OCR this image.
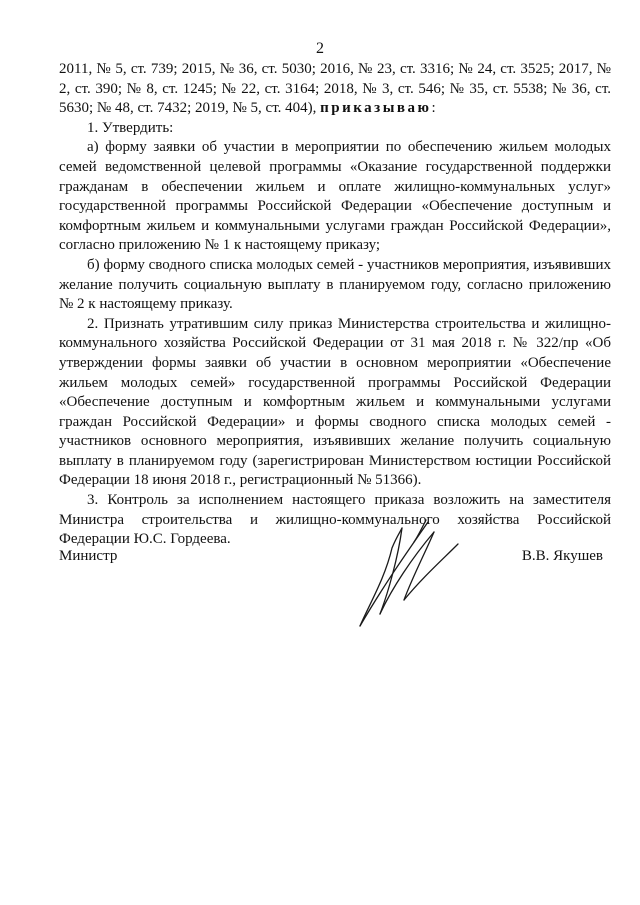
2

2011, № 5, ст. 739; 2015, № 36, ст. 5030; 2016, № 23, ст. 3316; № 24, ст. 3525; 2017, № 2, ст. 390; № 8, ст. 1245; № 22, ст. 3164; 2018, № 3, ст. 546; № 35, ст. 5538; № 36, ст. 5630; № 48, ст. 7432; 2019, № 5, ст. 404), приказываю:

1. Утвердить:

а) форму заявки об участии в мероприятии по обеспечению жильем молодых семей ведомственной целевой программы «Оказание государственной поддержки гражданам в обеспечении жильем и оплате жилищно-коммунальных услуг» государственной программы Российской Федерации «Обеспечение доступным и комфортным жильем и коммунальными услугами граждан Российской Федерации», согласно приложению № 1 к настоящему приказу;

б) форму сводного списка молодых семей - участников мероприятия, изъявивших желание получить социальную выплату в планируемом году, согласно приложению № 2 к настоящему приказу.

2. Признать утратившим силу приказ Министерства строительства и жилищно-коммунального хозяйства Российской Федерации от 31 мая 2018 г. № 322/пр «Об утверждении формы заявки об участии в основном мероприятии «Обеспечение жильем молодых семей» государственной программы Российской Федерации «Обеспечение доступным и комфортным жильем и коммунальными услугами граждан Российской Федерации» и формы сводного списка молодых семей - участников основного мероприятия, изъявивших желание получить социальную выплату в планируемом году (зарегистрирован Министерством юстиции Российской Федерации 18 июня 2018 г., регистрационный № 51366).

3. Контроль за исполнением настоящего приказа возложить на заместителя Министра строительства и жилищно-коммунального хозяйства Российской Федерации Ю.С. Гордеева.

Министр	В.В. Якушев
